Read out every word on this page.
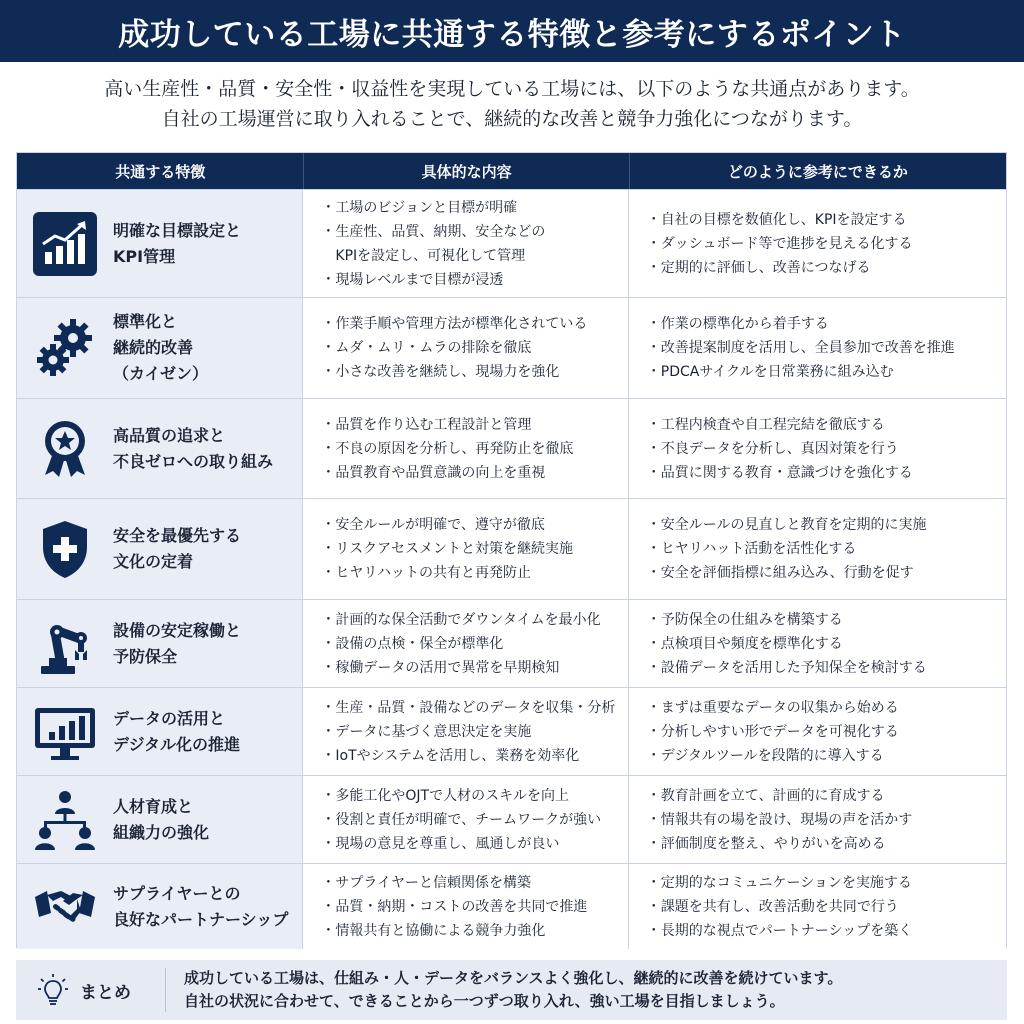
成功している工場に共通する特徴と参考にするポイント
高い生産性・品質・安全性・収益性を実現している工場には、以下のような共通点があります。
自社の工場運営に取り入れることで、継続的な改善と競争力強化につながります。
共通する特徴	具体的な内容	どのように参考にできるか
明確な目標設定と
KPI管理
・ 工場のビジョンと目標が明確
・ 生産性、品質、納期、安全などの
KPIを設定し、可視化して管理
・ 現場レベルまで目標が浸透
・ 自社の目標を数値化し、KPIを設定する
・ ダッシュボード等で進捗を見える化する
・ 定期的に評価し、改善につなげる
標準化と
継続的改善
（カイゼン）
・ 作業手順や管理方法が標準化されている
・ ムダ・ムリ・ムラの排除を徹底
・ 小さな改善を継続し、現場力を強化
・ 作業の標準化から着手する
・ 改善提案制度を活用し、全員参加で改善を推進
・ PDCAサイクルを日常業務に組み込む
高品質の追求と
不良ゼロへの取り組み
・ 品質を作り込む工程設計と管理
・ 不良の原因を分析し、再発防止を徹底
・ 品質教育や品質意識の向上を重視
・ 工程内検査や自工程完結を徹底する
・ 不良データを分析し、真因対策を行う
・ 品質に関する教育・意識づけを強化する
安全を最優先する
文化の定着
・ 安全ルールが明確で、遵守が徹底
・ リスクアセスメントと対策を継続実施
・ ヒヤリハットの共有と再発防止
・ 安全ルールの見直しと教育を定期的に実施
・ ヒヤリハット活動を活性化する
・ 安全を評価指標に組み込み、行動を促す
設備の安定稼働と
予防保全
・ 計画的な保全活動でダウンタイムを最小化
・ 設備の点検・保全が標準化
・ 稼働データの活用で異常を早期検知
・ 予防保全の仕組みを構築する
・ 点検項目や頻度を標準化する
・ 設備データを活用した予知保全を検討する
データの活用と
デジタル化の推進
・ 生産・品質・設備などのデータを収集・分析
・ データに基づく意思決定を実施
・ IoTやシステムを活用し、業務を効率化
・ まずは重要なデータの収集から始める
・ 分析しやすい形でデータを可視化する
・ デジタルツールを段階的に導入する
人材育成と
組織力の強化
・ 多能工化やOJTで人材のスキルを向上
・ 役割と責任が明確で、チームワークが強い
・ 現場の意見を尊重し、風通しが良い
・ 教育計画を立て、計画的に育成する
・ 情報共有の場を設け、現場の声を活かす
・ 評価制度を整え、やりがいを高める
サプライヤーとの
良好なパートナーシップ
・ サプライヤーと信頼関係を構築
・ 品質・納期・コストの改善を共同で推進
・ 情報共有と協働による競争力強化
・ 定期的なコミュニケーションを実施する
・ 課題を共有し、改善活動を共同で行う
・ 長期的な視点でパートナーシップを築く
まとめ
成功している工場は、仕組み・人・データをバランスよく強化し、継続的に改善を続けています。
自社の状況に合わせて、できることから一つずつ取り入れ、強い工場を目指しましょう。
